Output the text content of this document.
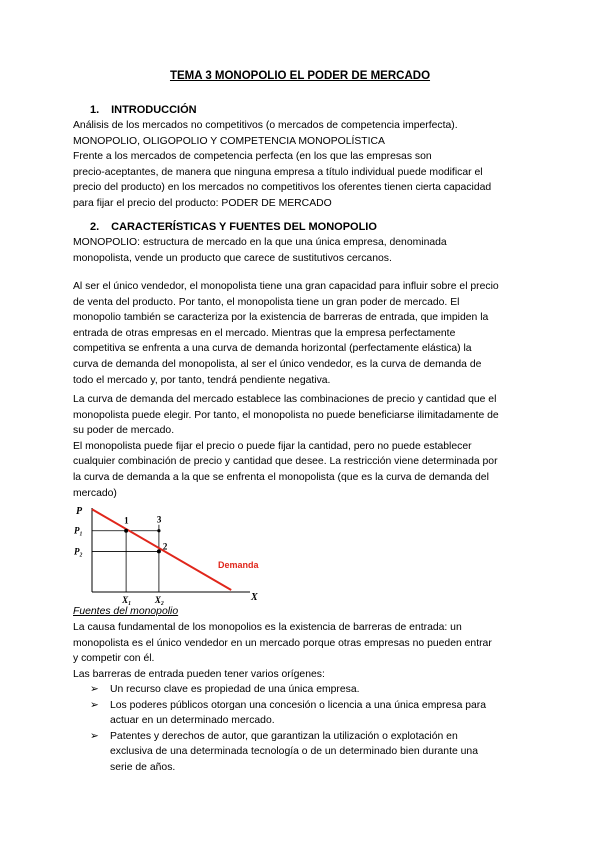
TEMA 3 MONOPOLIO EL PODER DE MERCADO
1. INTRODUCCIÓN
Análisis de los mercados no competitivos (o mercados de competencia imperfecta).
MONOPOLIO, OLIGOPOLIO Y COMPETENCIA MONOPOLÍSTICA
Frente a los mercados de competencia perfecta (en los que las empresas son
precio-aceptantes, de manera que ninguna empresa a título individual puede modificar el
precio del producto) en los mercados no competitivos los oferentes tienen cierta capacidad
para fijar el precio del producto: PODER DE MERCADO
2. CARACTERÍSTICAS Y FUENTES DEL MONOPOLIO
MONOPOLIO: estructura de mercado en la que una única empresa, denominada
monopolista, vende un producto que carece de sustitutivos cercanos.
Al ser el único vendedor, el monopolista tiene una gran capacidad para influir sobre el precio
de venta del producto. Por tanto, el monopolista tiene un gran poder de mercado. El
monopolio también se caracteriza por la existencia de barreras de entrada, que impiden la
entrada de otras empresas en el mercado. Mientras que la empresa perfectamente
competitiva se enfrenta a una curva de demanda horizontal (perfectamente elástica) la
curva de demanda del monopolista, al ser el único vendedor, es la curva de demanda de
todo el mercado y, por tanto, tendrá pendiente negativa.
La curva de demanda del mercado establece las combinaciones de precio y cantidad que el
monopolista puede elegir. Por tanto, el monopolista no puede beneficiarse ilimitadamente de
su poder de mercado.
El monopolista puede fijar el precio o puede fijar la cantidad, pero no puede establecer
cualquier combinación de precio y cantidad que desee. La restricción viene determinada por
la curva de demanda a la que se enfrenta el monopolista (que es la curva de demanda del
mercado)
P
X
P₁
P₂
X₁	X₂
1
2
3
Demanda
Fuentes del monopolio
La causa fundamental de los monopolios es la existencia de barreras de entrada: un
monopolista es el único vendedor en un mercado porque otras empresas no pueden entrar
y competir con él.
Las barreras de entrada pueden tener varios orígenes:
➢ Un recurso clave es propiedad de una única empresa.
➢ Los poderes públicos otorgan una concesión o licencia a una única empresa para
actuar en un determinado mercado.
➢ Patentes y derechos de autor, que garantizan la utilización o explotación en
exclusiva de una determinada tecnología o de un determinado bien durante una
serie de años.
